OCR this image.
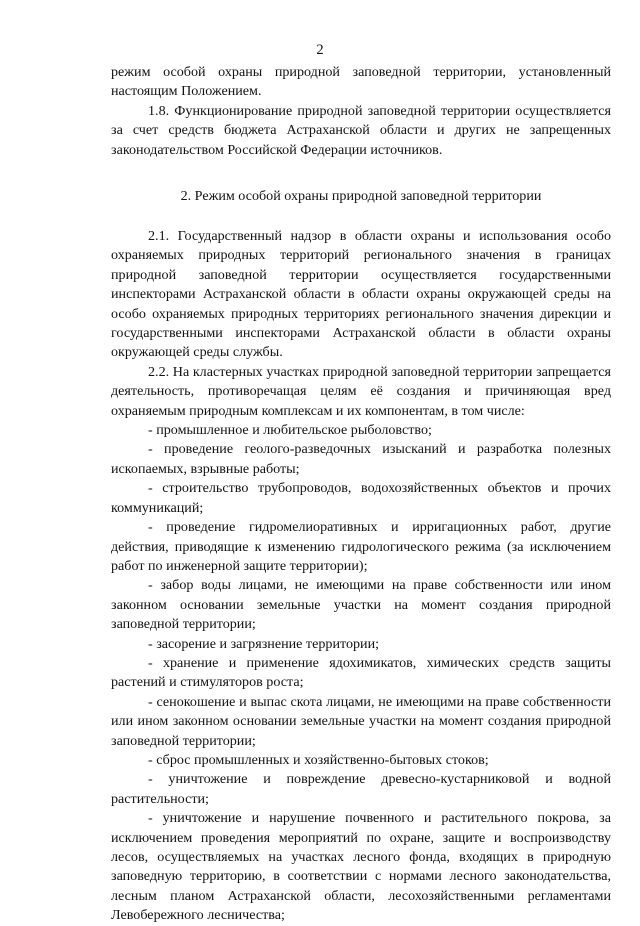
2

режим особой охраны природной заповедной территории, установленный настоящим Положением.

1.8. Функционирование природной заповедной территории осуществляется за счет средств бюджета Астраханской области и других не запрещенных законодательством Российской Федерации источников.

2. Режим особой охраны природной заповедной территории

2.1. Государственный надзор в области охраны и использования особо охраняемых природных территорий регионального значения в границах природной заповедной территории осуществляется государственными инспекторами Астраханской области в области охраны окружающей среды на особо охраняемых природных территориях регионального значения дирекции и государственными инспекторами Астраханской области в области охраны окружающей среды службы.

2.2. На кластерных участках природной заповедной территории запрещается деятельность, противоречащая целям её создания и причиняющая вред охраняемым природным комплексам и их компонентам, в том числе:

- промышленное и любительское рыболовство;

- проведение геолого-разведочных изысканий и разработка полезных ископаемых, взрывные работы;

- строительство трубопроводов, водохозяйственных объектов и прочих коммуникаций;

- проведение гидромелиоративных и ирригационных работ, другие действия, приводящие к изменению гидрологического режима (за исключением работ по инженерной защите территории);

- забор воды лицами, не имеющими на праве собственности или ином законном основании земельные участки на момент создания природной заповедной территории;

- засорение и загрязнение территории;

- хранение и применение ядохимикатов, химических средств защиты растений и стимуляторов роста;

- сенокошение и выпас скота лицами, не имеющими на праве собственности или ином законном основании земельные участки на момент создания природной заповедной территории;

- сброс промышленных и хозяйственно-бытовых стоков;

- уничтожение и повреждение древесно-кустарниковой и водной растительности;

- уничтожение и нарушение почвенного и растительного покрова, за исключением проведения мероприятий по охране, защите и воспроизводству лесов, осуществляемых на участках лесного фонда, входящих в природную заповедную территорию, в соответствии с нормами лесного законодательства, лесным планом Астраханской области, лесохозяйственными регламентами Левобережного лесничества;
